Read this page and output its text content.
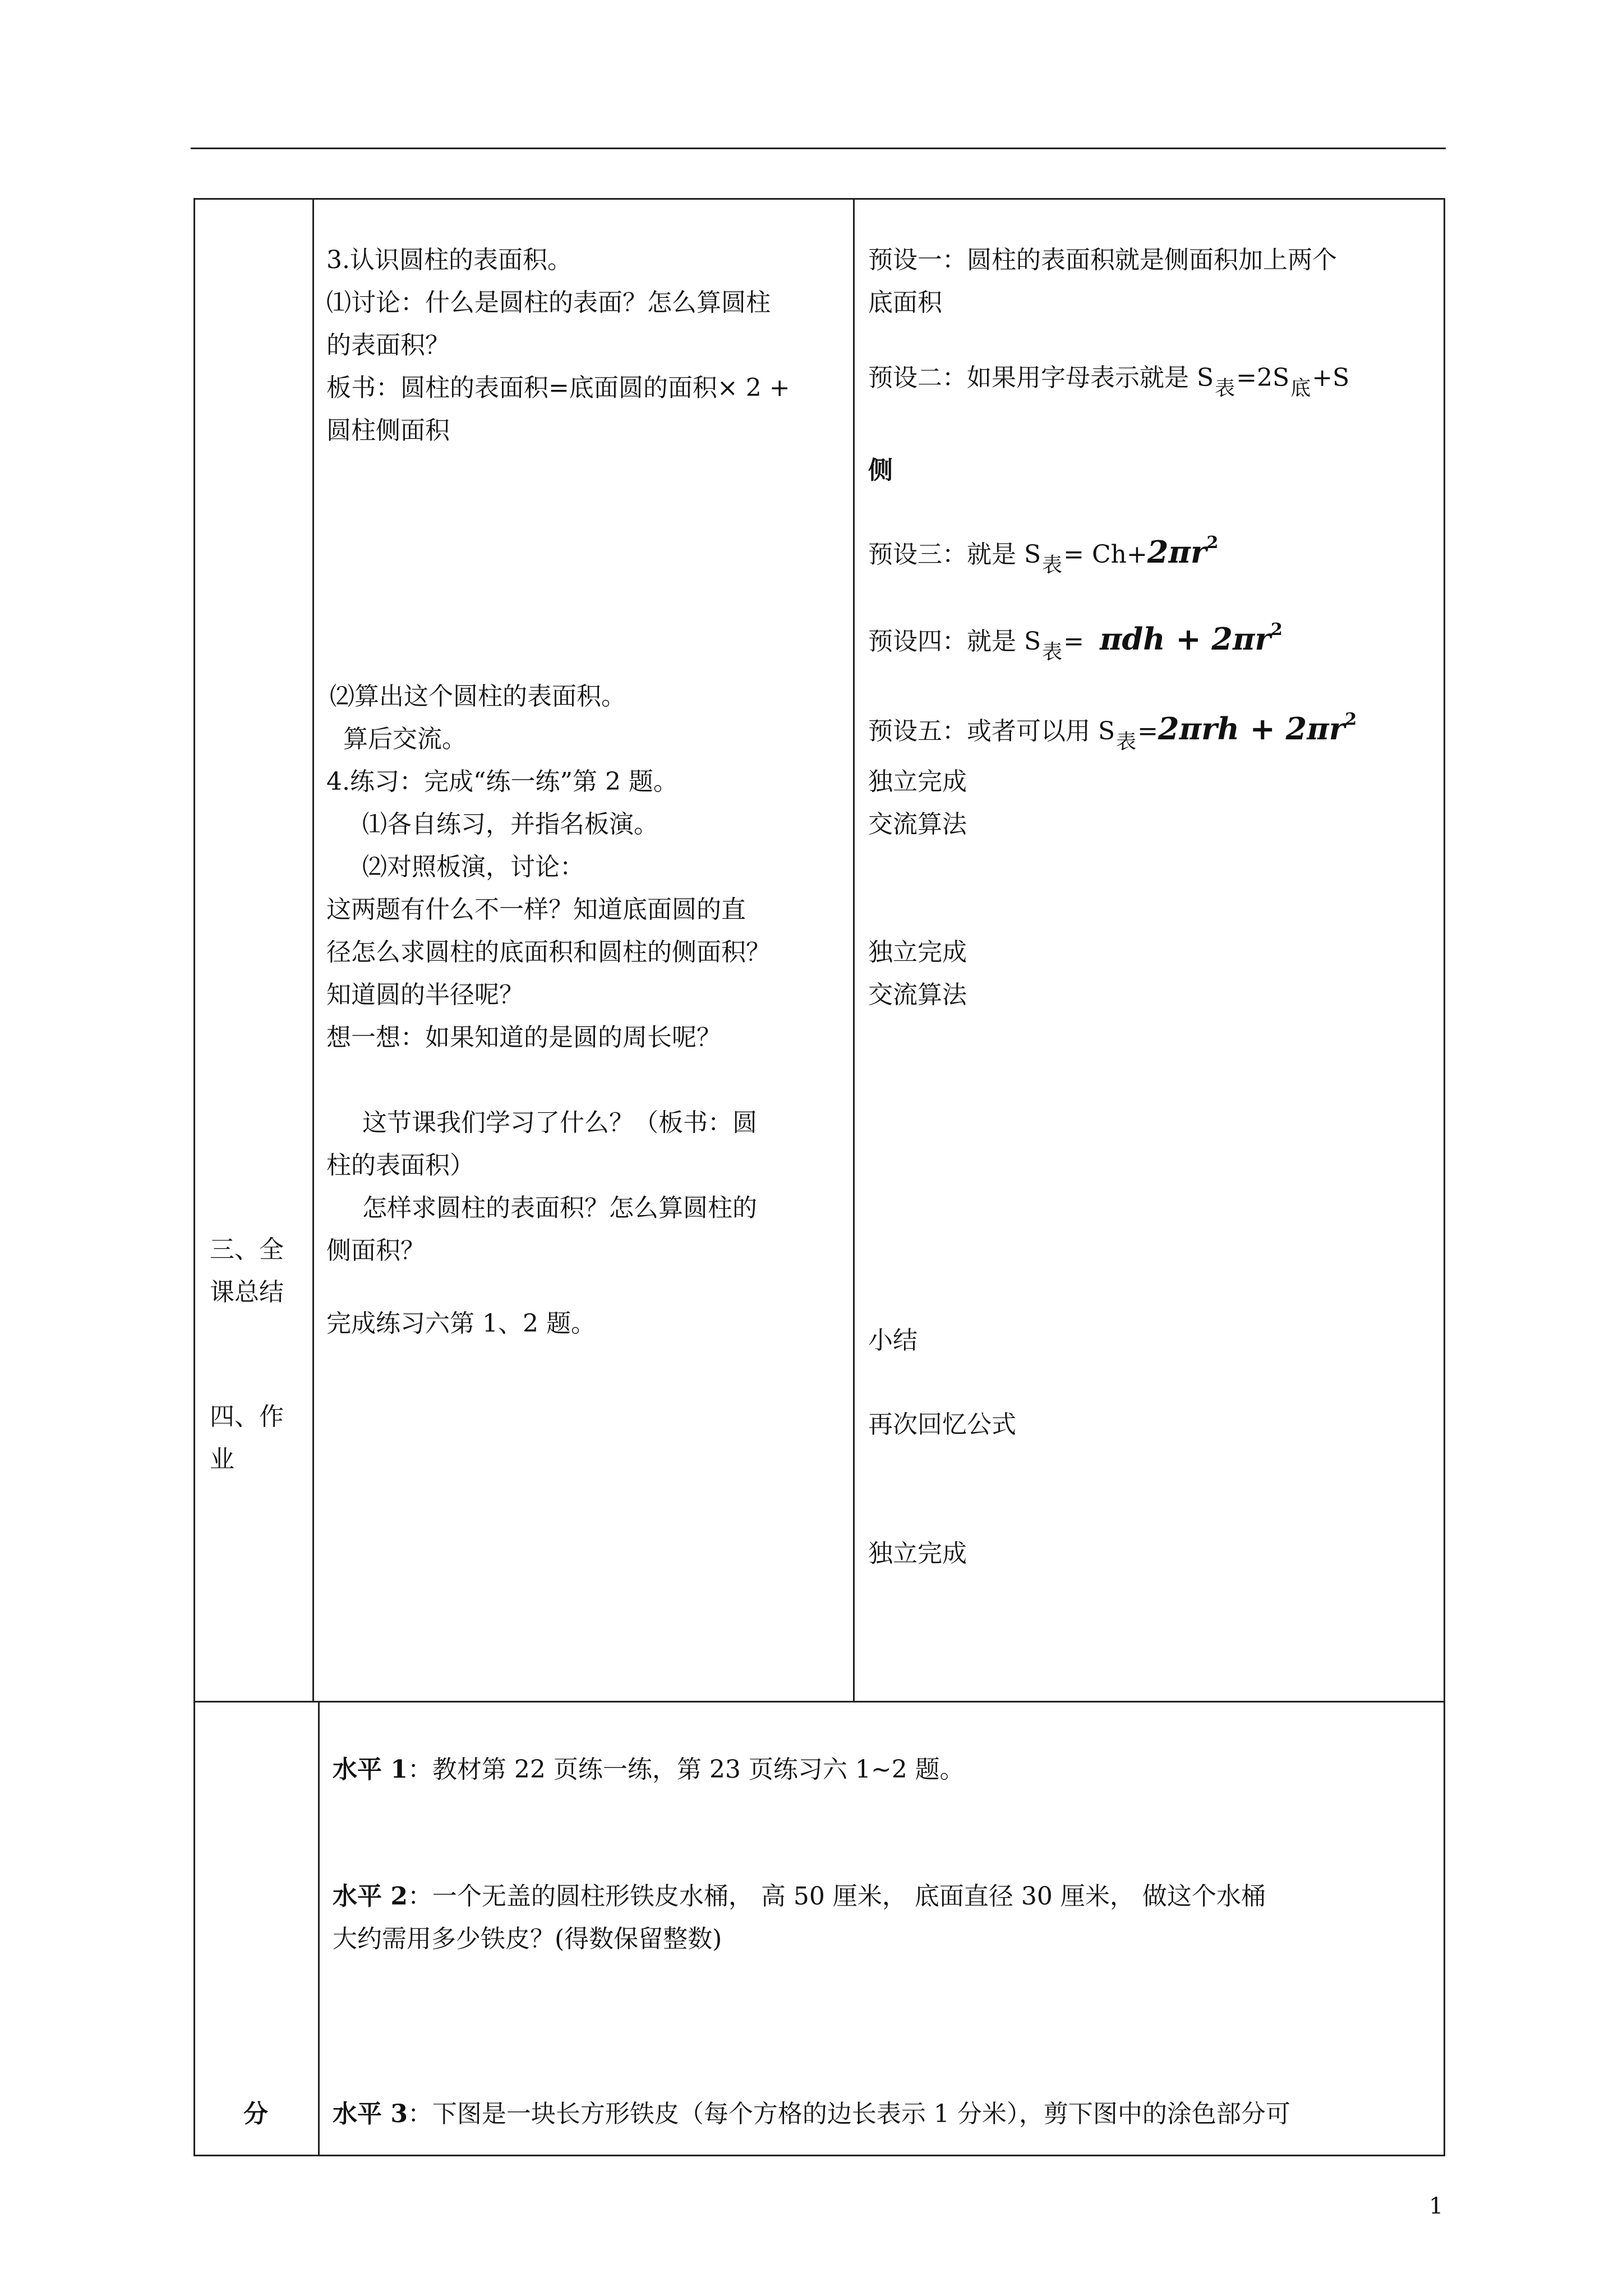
三、全课总结
四、作业
3.认识圆柱的表面积。
⑴讨论：什么是圆柱的表面？怎么算圆柱
的表面积？
板书：圆柱的表面积=底面圆的面积× 2 +
圆柱侧面积
⑵算出这个圆柱的表面积。
算后交流。
4.练习：完成“练一练”第 2 题。
⑴各自练习，并指名板演。
⑵对照板演，讨论：
这两题有什么不一样？知道底面圆的直
径怎么求圆柱的底面积和圆柱的侧面积？
知道圆的半径呢？
想一想：如果知道的是圆的周长呢？
这节课我们学习了什么？（板书：圆
柱的表面积）
怎样求圆柱的表面积？怎么算圆柱的
侧面积？
完成练习六第 1、2 题。
预设一：圆柱的表面积就是侧面积加上两个
底面积
预设二：如果用字母表示就是 $S_表=2S_底+S$
侧
预设三：就是 $S_表= Ch+2\pi r^2$
预设四：就是 $S_表= \pi dh + 2\pi r^2$
预设五：或者可以用 $S_表=2\pi rh + 2\pi r^2$
独立完成
交流算法
独立完成
交流算法
小结
再次回忆公式
独立完成
分
水平 1：教材第 22 页练一练，第 23 页练习六 1~2 题。
水平 2：一个无盖的圆柱形铁皮水桶， 高 50 厘米， 底面直径 30 厘米， 做这个水桶
大约需用多少铁皮？(得数保留整数)
水平 3：下图是一块长方形铁皮（每个方格的边长表示 1 分米），剪下图中的涂色部分可
1
